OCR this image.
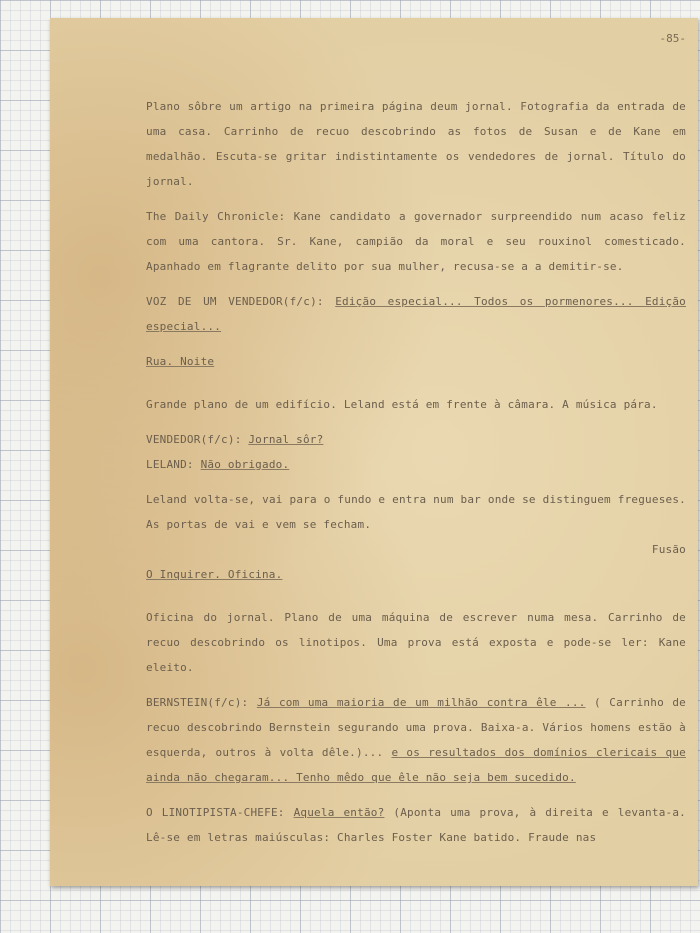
-85-

Plano sôbre um artigo na primeira página deum jornal. Fotografia da entrada de uma casa. Carrinho de recuo descobrindo as fotos de Susan e de Kane em medalhão. Escuta-se gritar indistintamente os vendedores de jornal. Título do jornal.

The Daily Chronicle: Kane candidato a governador surpreendido num acaso feliz com uma cantora. Sr. Kane, campião da moral e seu rouxinol comesticado. Apanhado em flagrante delito por sua mulher, recusa-se a a demitir-se.

VOZ DE UM VENDEDOR(f/c): Edição especial... Todos os pormenores... Edição especial...

Rua. Noite

Grande plano de um edifício. Leland está em frente à câmara. A música pára.

VENDEDOR(f/c): Jornal sôr?

LELAND: Não obrigado.

Leland volta-se, vai para o fundo e entra num bar onde se distinguem fregueses. As portas de vai e vem se fecham.

Fusão

O Inquirer. Oficina.

Oficina do jornal. Plano de uma máquina de escrever numa mesa. Carrinho de recuo descobrindo os linotipos. Uma prova está exposta e pode-se ler: Kane eleito.

BERNSTEIN(f/c): Já com uma maioria de um milhão contra êle ... ( Carrinho de recuo descobrindo Bernstein segurando uma prova. Baixa-a. Vários homens estão à esquerda, outros à volta dêle.)... e os resultados dos domínios clericais que ainda não chegaram... Tenho mêdo que êle não seja bem sucedido.

O LINOTIPISTA-CHEFE: Aquela então? (Aponta uma prova, à direita e levanta-a. Lê-se em letras maiúsculas: Charles Foster Kane batido. Fraude nas
